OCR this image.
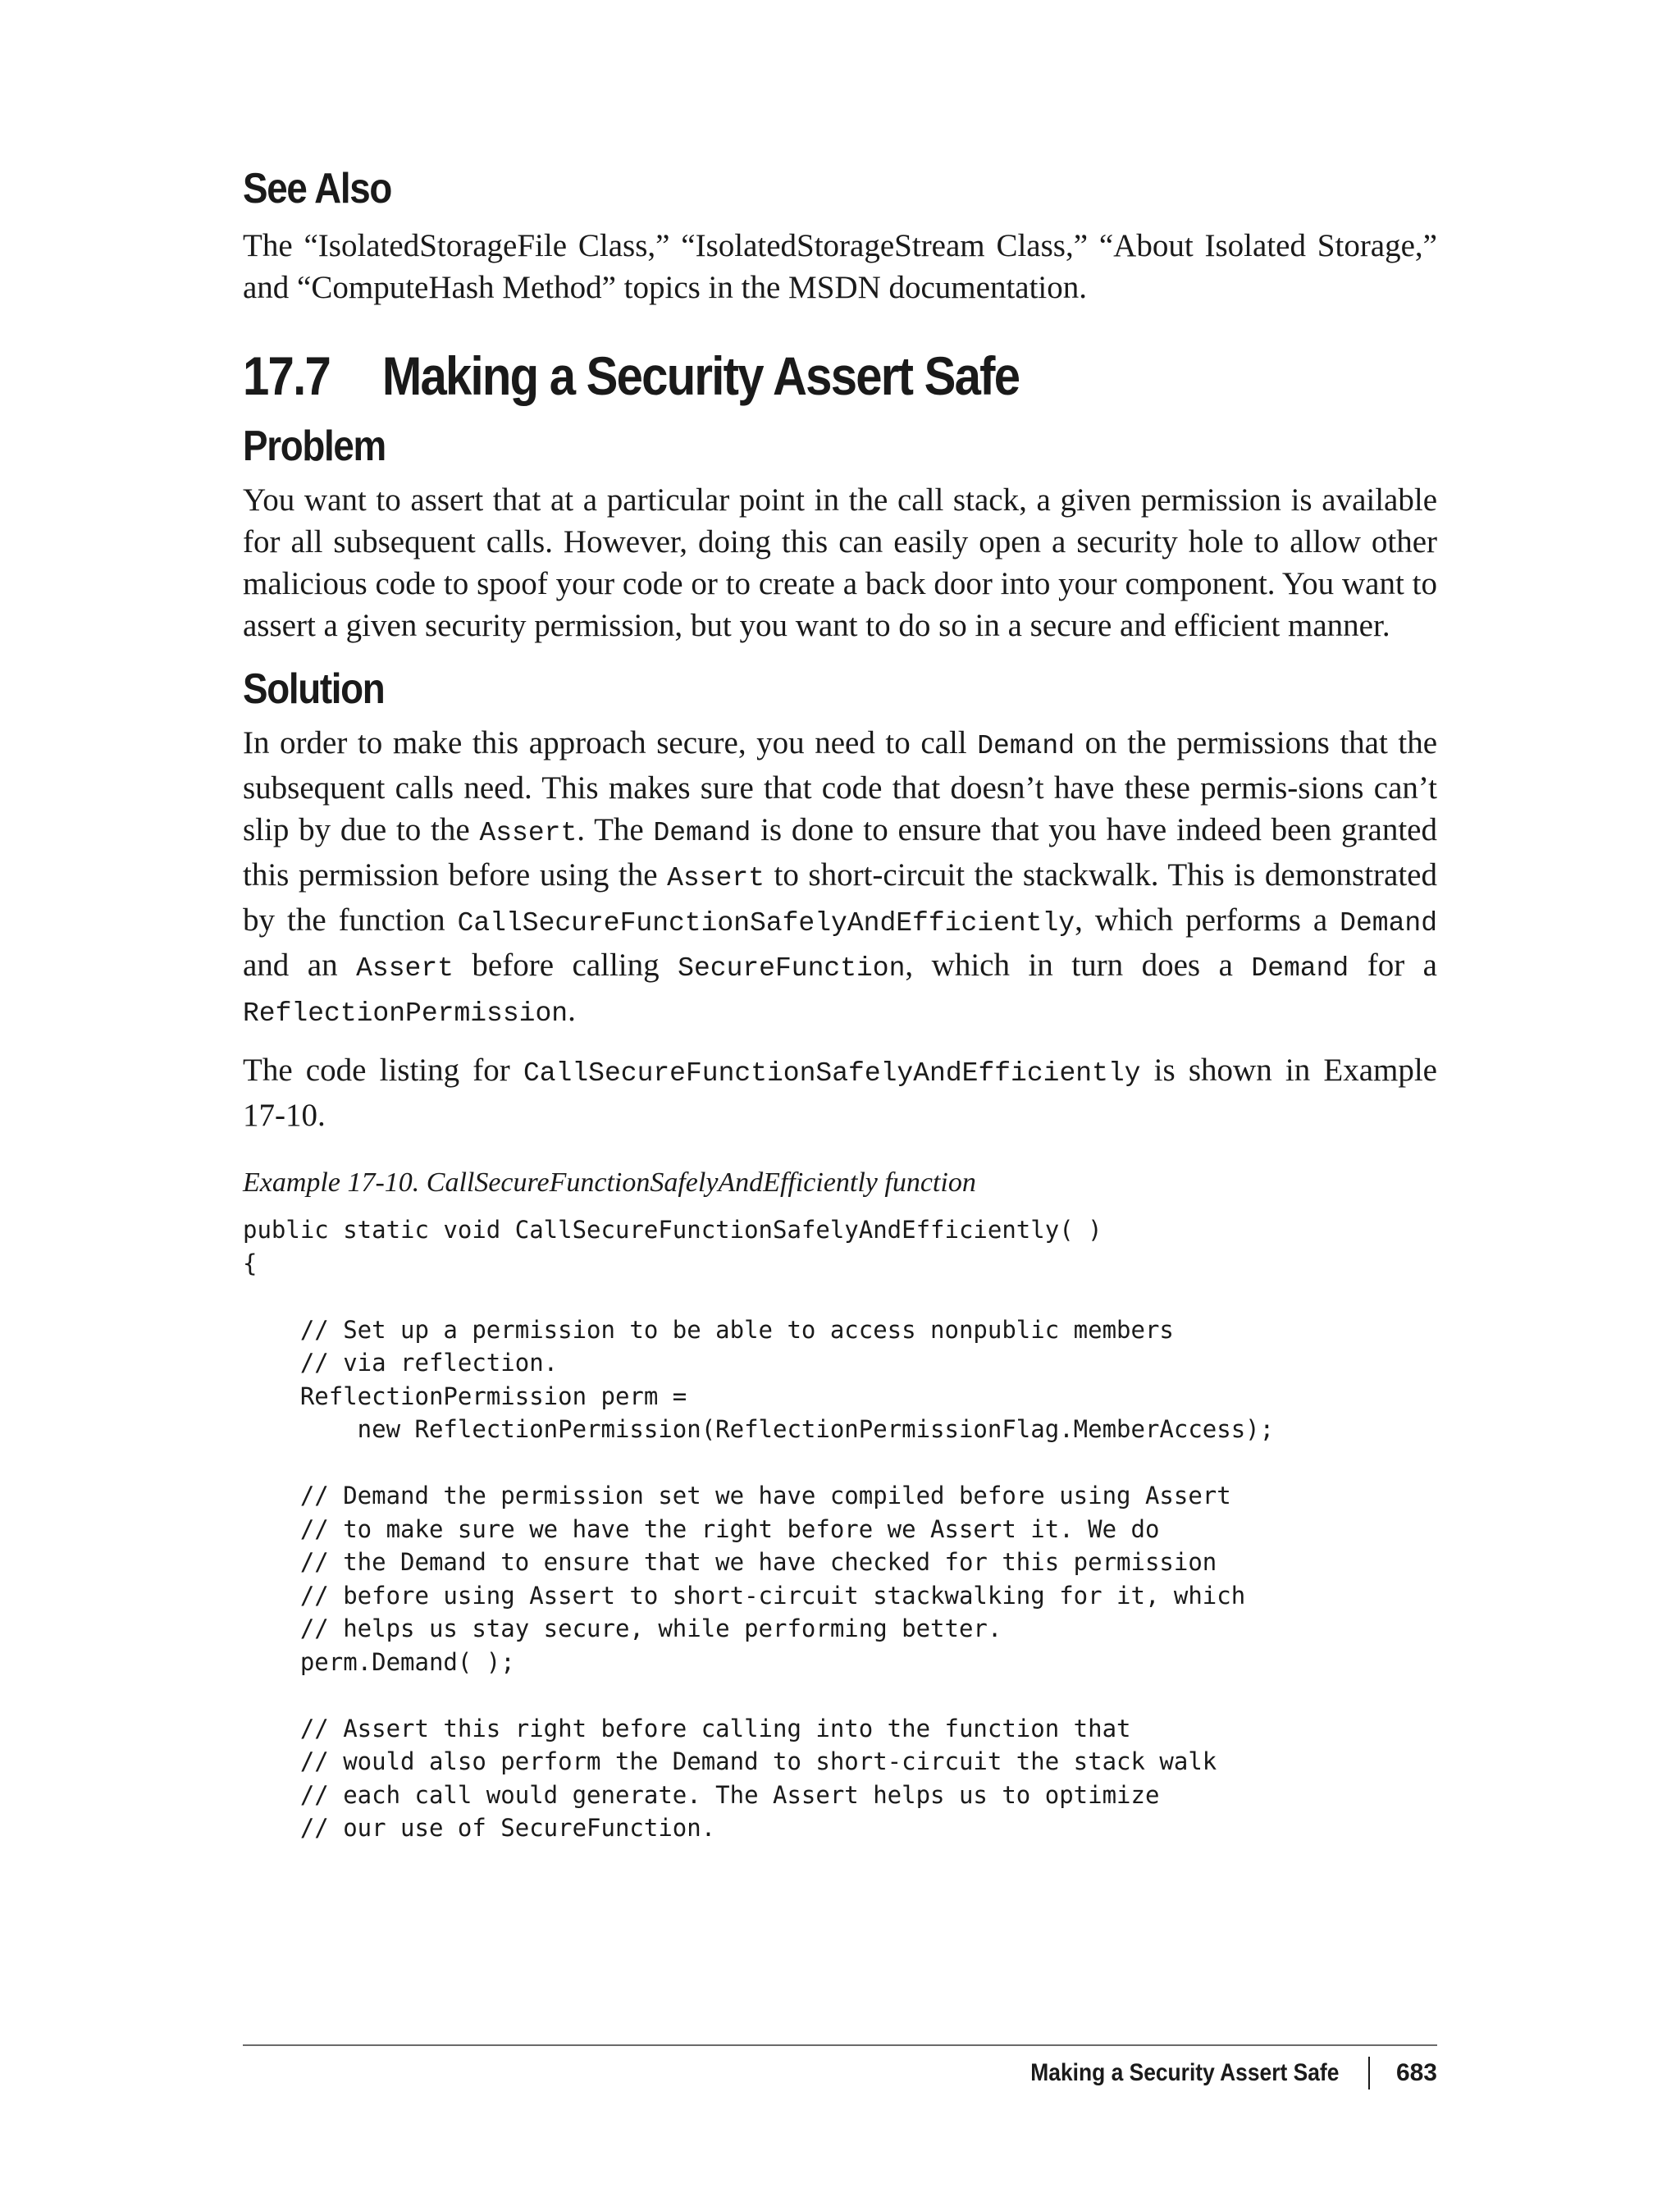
See Also

The “IsolatedStorageFile Class,” “IsolatedStorageStream Class,” “About Isolated Storage,” and “ComputeHash Method” topics in the MSDN documentation.

17.7 Making a Security Assert Safe
Problem

You want to assert that at a particular point in the call stack, a given permission is available for all subsequent calls. However, doing this can easily open a security hole to allow other malicious code to spoof your code or to create a back door into your component. You want to assert a given security permission, but you want to do so in a secure and efficient manner.

Solution

In order to make this approach secure, you need to call Demand on the permissions that the subsequent calls need. This makes sure that code that doesn’t have these permis-sions can’t slip by due to the Assert. The Demand is done to ensure that you have indeed been granted this permission before using the Assert to short-circuit the stackwalk. This is demonstrated by the function CallSecureFunctionSafelyAndEfficiently, which performs a Demand and an Assert before calling SecureFunction, which in turn does a Demand for a ReflectionPermission.

The code listing for CallSecureFunctionSafelyAndEfficiently is shown in Example 17-10.

Example 17-10. CallSecureFunctionSafelyAndEfficiently function

public static void CallSecureFunctionSafelyAndEfficiently( )
{

// Set up a permission to be able to access nonpublic members
// via reflection.
ReflectionPermission perm =
new ReflectionPermission(ReflectionPermissionFlag.MemberAccess);

// Demand the permission set we have compiled before using Assert
// to make sure we have the right before we Assert it. We do
// the Demand to ensure that we have checked for this permission
// before using Assert to short-circuit stackwalking for it, which
// helps us stay secure, while performing better.
perm.Demand( );

// Assert this right before calling into the function that
// would also perform the Demand to short-circuit the stack walk
// each call would generate. The Assert helps us to optimize
// our use of SecureFunction.
Making a Security Assert Safe 683
